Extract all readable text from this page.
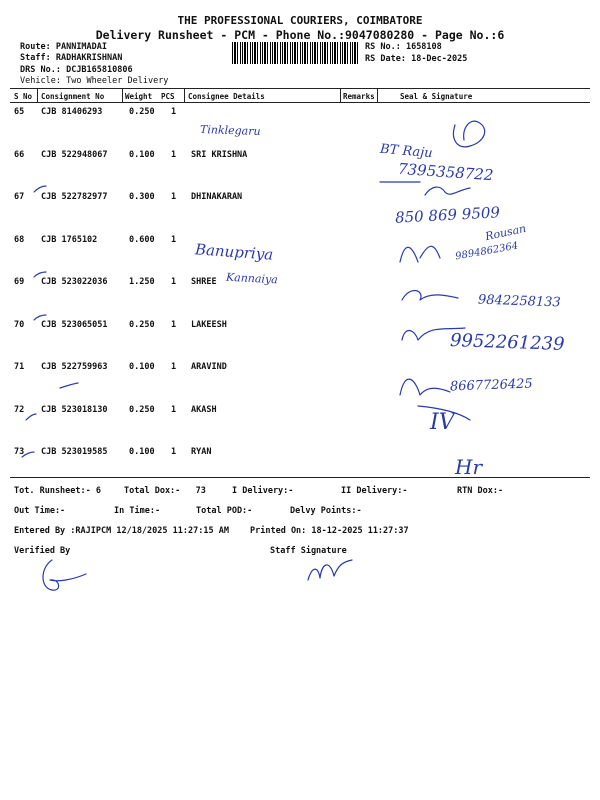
THE PROFESSIONAL COURIERS, COIMBATORE
Delivery Runsheet - PCM - Phone No.:9047080280 - Page No.:6
Route: PANNIMADAI
Staff: RADHAKRISHNAN
DRS No.: DCJB165810806
Vehicle: Two Wheeler Delivery
RS No.: 1658108
RS Date: 18-Dec-2025
S No Consignment No	Weight PCS Consignee Details	Remarks	Seal & Signature
65 CJB 81406293	0.250 1
66 CJB 522948067	0.100 1 SRI KRISHNA
67 CJB 522782977	0.300 1 DHINAKARAN
68 CJB 1765102	0.600 1
69 CJB 523022036	1.250 1 SHREE
70 CJB 523065051	0.250 1 LAKEESH
71 CJB 522759963	0.100 1 ARAVIND
72 CJB 523018130	0.250 1 AKASH
73 CJB 523019585	0.100 1 RYAN
Tinklegaru
BT Raju
7395358722
850 869 9509
Banupriya
Rousan
9894862364
Kannaiya
9842258133
9952261239
8667726425
IV
Hr
Tot. Runsheet:- 6	Total Dox:- 73	I Delivery:-	II Delivery:-	RTN Dox:-
Out Time:-	In Time:-	Total POD:-	Delvy Points:-
Entered By :RAJIPCM 12/18/2025 11:27:15 AM Printed On: 18-12-2025 11:27:37
Verified By	Staff Signature
